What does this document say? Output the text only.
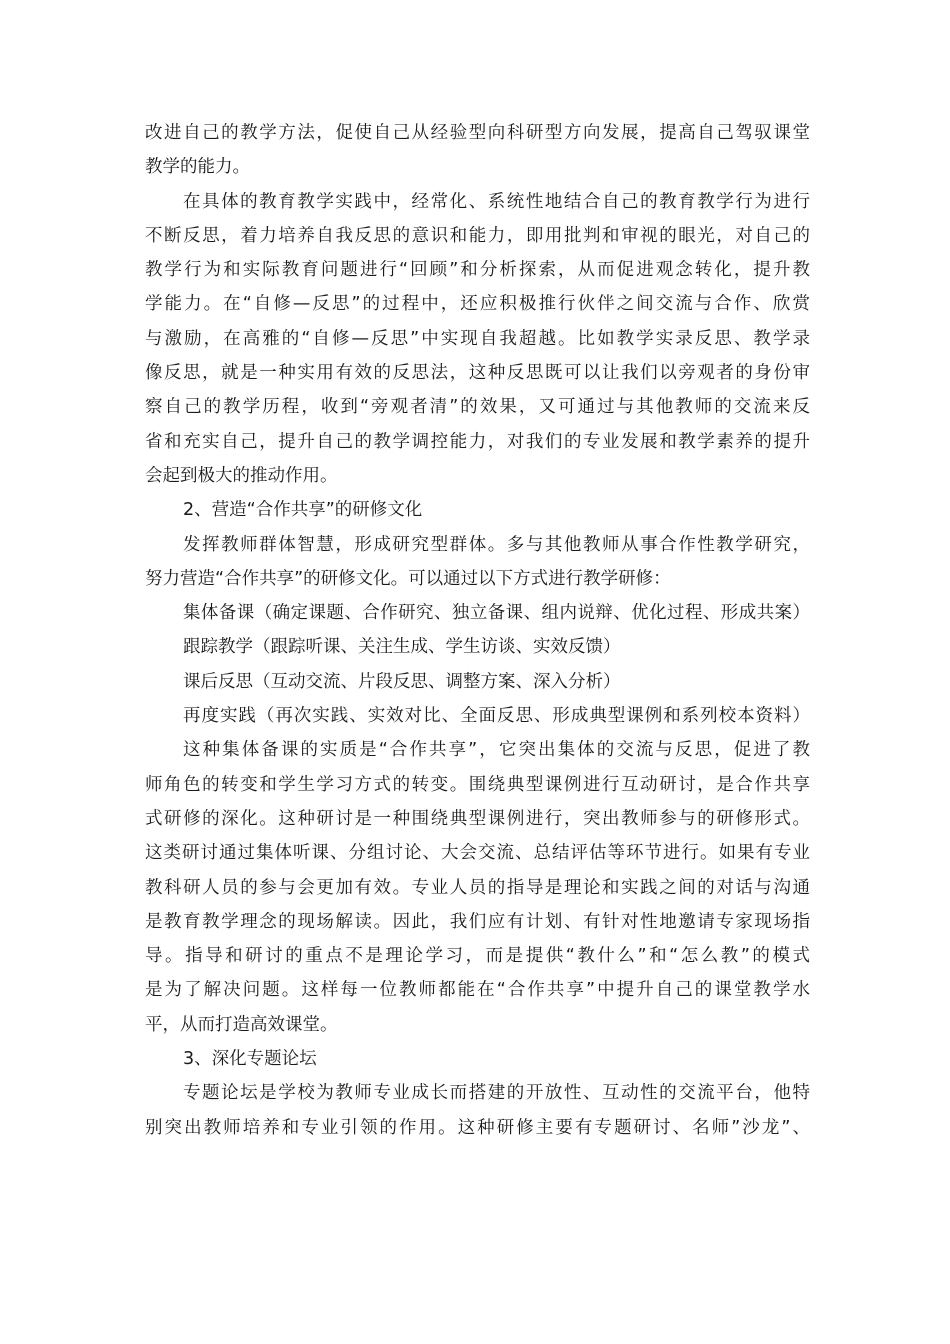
改进自己的教学方法，促使自己从经验型向科研型方向发展，提高自己驾驭课堂
教学的能力。
在具体的教育教学实践中，经常化、系统性地结合自己的教育教学行为进行
不断反思，着力培养自我反思的意识和能力，即用批判和审视的眼光，对自己的
教学行为和实际教育问题进行“回顾”和分析探索，从而促进观念转化，提升教
学能力。在“自修—反思”的过程中，还应积极推行伙伴之间交流与合作、欣赏
与激励，在高雅的“自修—反思”中实现自我超越。比如教学实录反思、教学录
像反思，就是一种实用有效的反思法，这种反思既可以让我们以旁观者的身份审
察自己的教学历程，收到“旁观者清”的效果，又可通过与其他教师的交流来反
省和充实自己，提升自己的教学调控能力，对我们的专业发展和教学素养的提升
会起到极大的推动作用。
2、营造“合作共享”的研修文化
发挥教师群体智慧，形成研究型群体。多与其他教师从事合作性教学研究，
努力营造“合作共享”的研修文化。可以通过以下方式进行教学研修：
集体备课（确定课题、合作研究、独立备课、组内说辩、优化过程、形成共案）
跟踪教学（跟踪听课、关注生成、学生访谈、实效反馈）
课后反思（互动交流、片段反思、调整方案、深入分析）
再度实践（再次实践、实效对比、全面反思、形成典型课例和系列校本资料）
这种集体备课的实质是“合作共享”，它突出集体的交流与反思，促进了教
师角色的转变和学生学习方式的转变。围绕典型课例进行互动研讨，是合作共享
式研修的深化。这种研讨是一种围绕典型课例进行，突出教师参与的研修形式。
这类研讨通过集体听课、分组讨论、大会交流、总结评估等环节进行。如果有专业
教科研人员的参与会更加有效。专业人员的指导是理论和实践之间的对话与沟通
是教育教学理念的现场解读。因此，我们应有计划、有针对性地邀请专家现场指
导。指导和研讨的重点不是理论学习，而是提供“教什么”和“怎么教”的模式
是为了解决问题。这样每一位教师都能在“合作共享”中提升自己的课堂教学水
平，从而打造高效课堂。
3、深化专题论坛
专题论坛是学校为教师专业成长而搭建的开放性、互动性的交流平台，他特
别突出教师培养和专业引领的作用。这种研修主要有专题研讨、名师”沙龙”、
